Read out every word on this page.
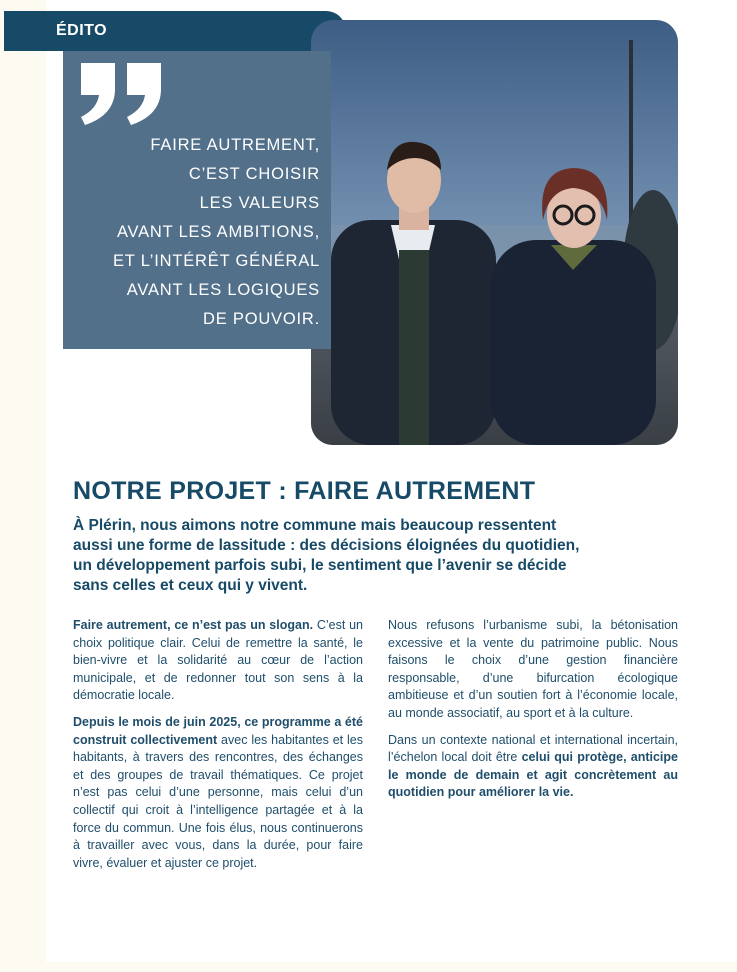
ÉDITO
FAIRE AUTREMENT,
C’EST CHOISIR
LES VALEURS
AVANT LES AMBITIONS,
ET L’INTÉRÊT GÉNÉRAL
AVANT LES LOGIQUES
DE POUVOIR.
NOTRE PROJET : FAIRE AUTREMENT
À Plérin, nous aimons notre commune mais beaucoup ressentent
aussi une forme de lassitude : des décisions éloignées du quotidien,
un développement parfois subi, le sentiment que l’avenir se décide
sans celles et ceux qui y vivent.

Faire autrement, ce n’est pas un slogan. C’est un choix politique clair. Celui de remettre la santé, le bien-vivre et la solidarité au cœur de l’action municipale, et de redonner tout son sens à la démocratie locale.

Depuis le mois de juin 2025, ce programme a été construit collectivement avec les habitantes et les habitants, à travers des rencontres, des échanges et des groupes de travail thématiques. Ce projet n’est pas celui d’une personne, mais celui d’un collectif qui croit à l’intelligence partagée et à la force du commun. Une fois élus, nous continuerons à travailler avec vous, dans la durée, pour faire vivre, évaluer et ajuster ce projet.

Nous refusons l’urbanisme subi, la bétonisation excessive et la vente du patrimoine public. Nous faisons le choix d’une gestion financière responsable, d’une bifurcation écologique ambitieuse et d’un soutien fort à l’économie locale, au monde associatif, au sport et à la culture.

Dans un contexte national et international incertain, l’échelon local doit être celui qui protège, anticipe le monde de demain et agit concrètement au quotidien pour améliorer la vie.
